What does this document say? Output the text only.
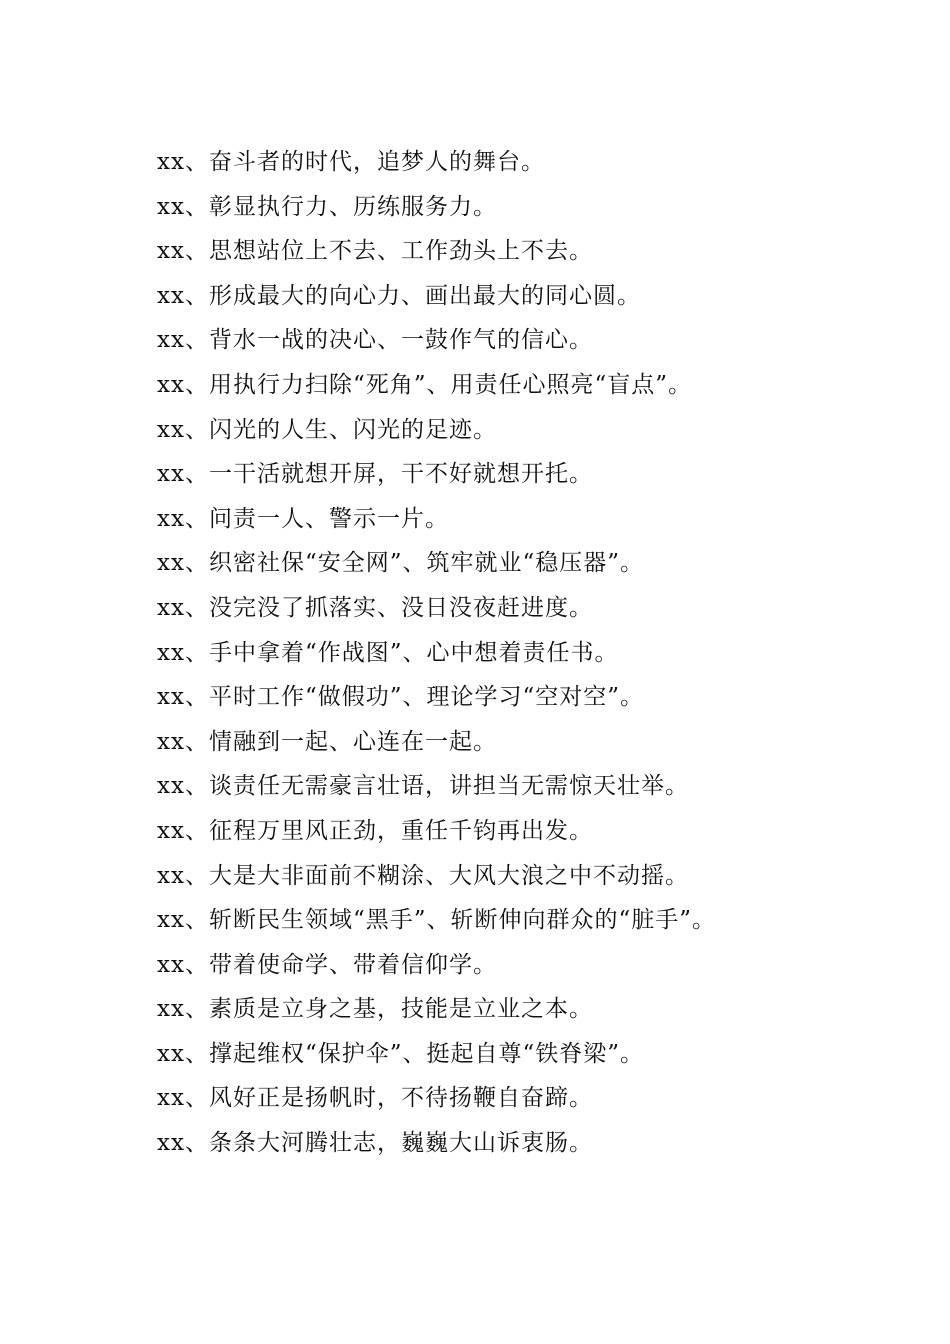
xx、奋斗者的时代，追梦人的舞台。
xx、彰显执行力、历练服务力。
xx、思想站位上不去、工作劲头上不去。
xx、形成最大的向心力、画出最大的同心圆。
xx、背水一战的决心、一鼓作气的信心。
xx、用执行力扫除“死角”、用责任心照亮“盲点”。
xx、闪光的人生、闪光的足迹。
xx、一干活就想开屏，干不好就想开托。
xx、问责一人、警示一片。
xx、织密社保“安全网”、筑牢就业“稳压器”。
xx、没完没了抓落实、没日没夜赶进度。
xx、手中拿着“作战图”、心中想着责任书。
xx、平时工作“做假功”、理论学习“空对空”。
xx、情融到一起、心连在一起。
xx、谈责任无需豪言壮语，讲担当无需惊天壮举。
xx、征程万里风正劲，重任千钧再出发。
xx、大是大非面前不糊涂、大风大浪之中不动摇。
xx、斩断民生领域“黑手”、斩断伸向群众的“脏手”。
xx、带着使命学、带着信仰学。
xx、素质是立身之基，技能是立业之本。
xx、撑起维权“保护伞”、挺起自尊“铁脊梁”。
xx、风好正是扬帆时，不待扬鞭自奋蹄。
xx、条条大河腾壮志，巍巍大山诉衷肠。
